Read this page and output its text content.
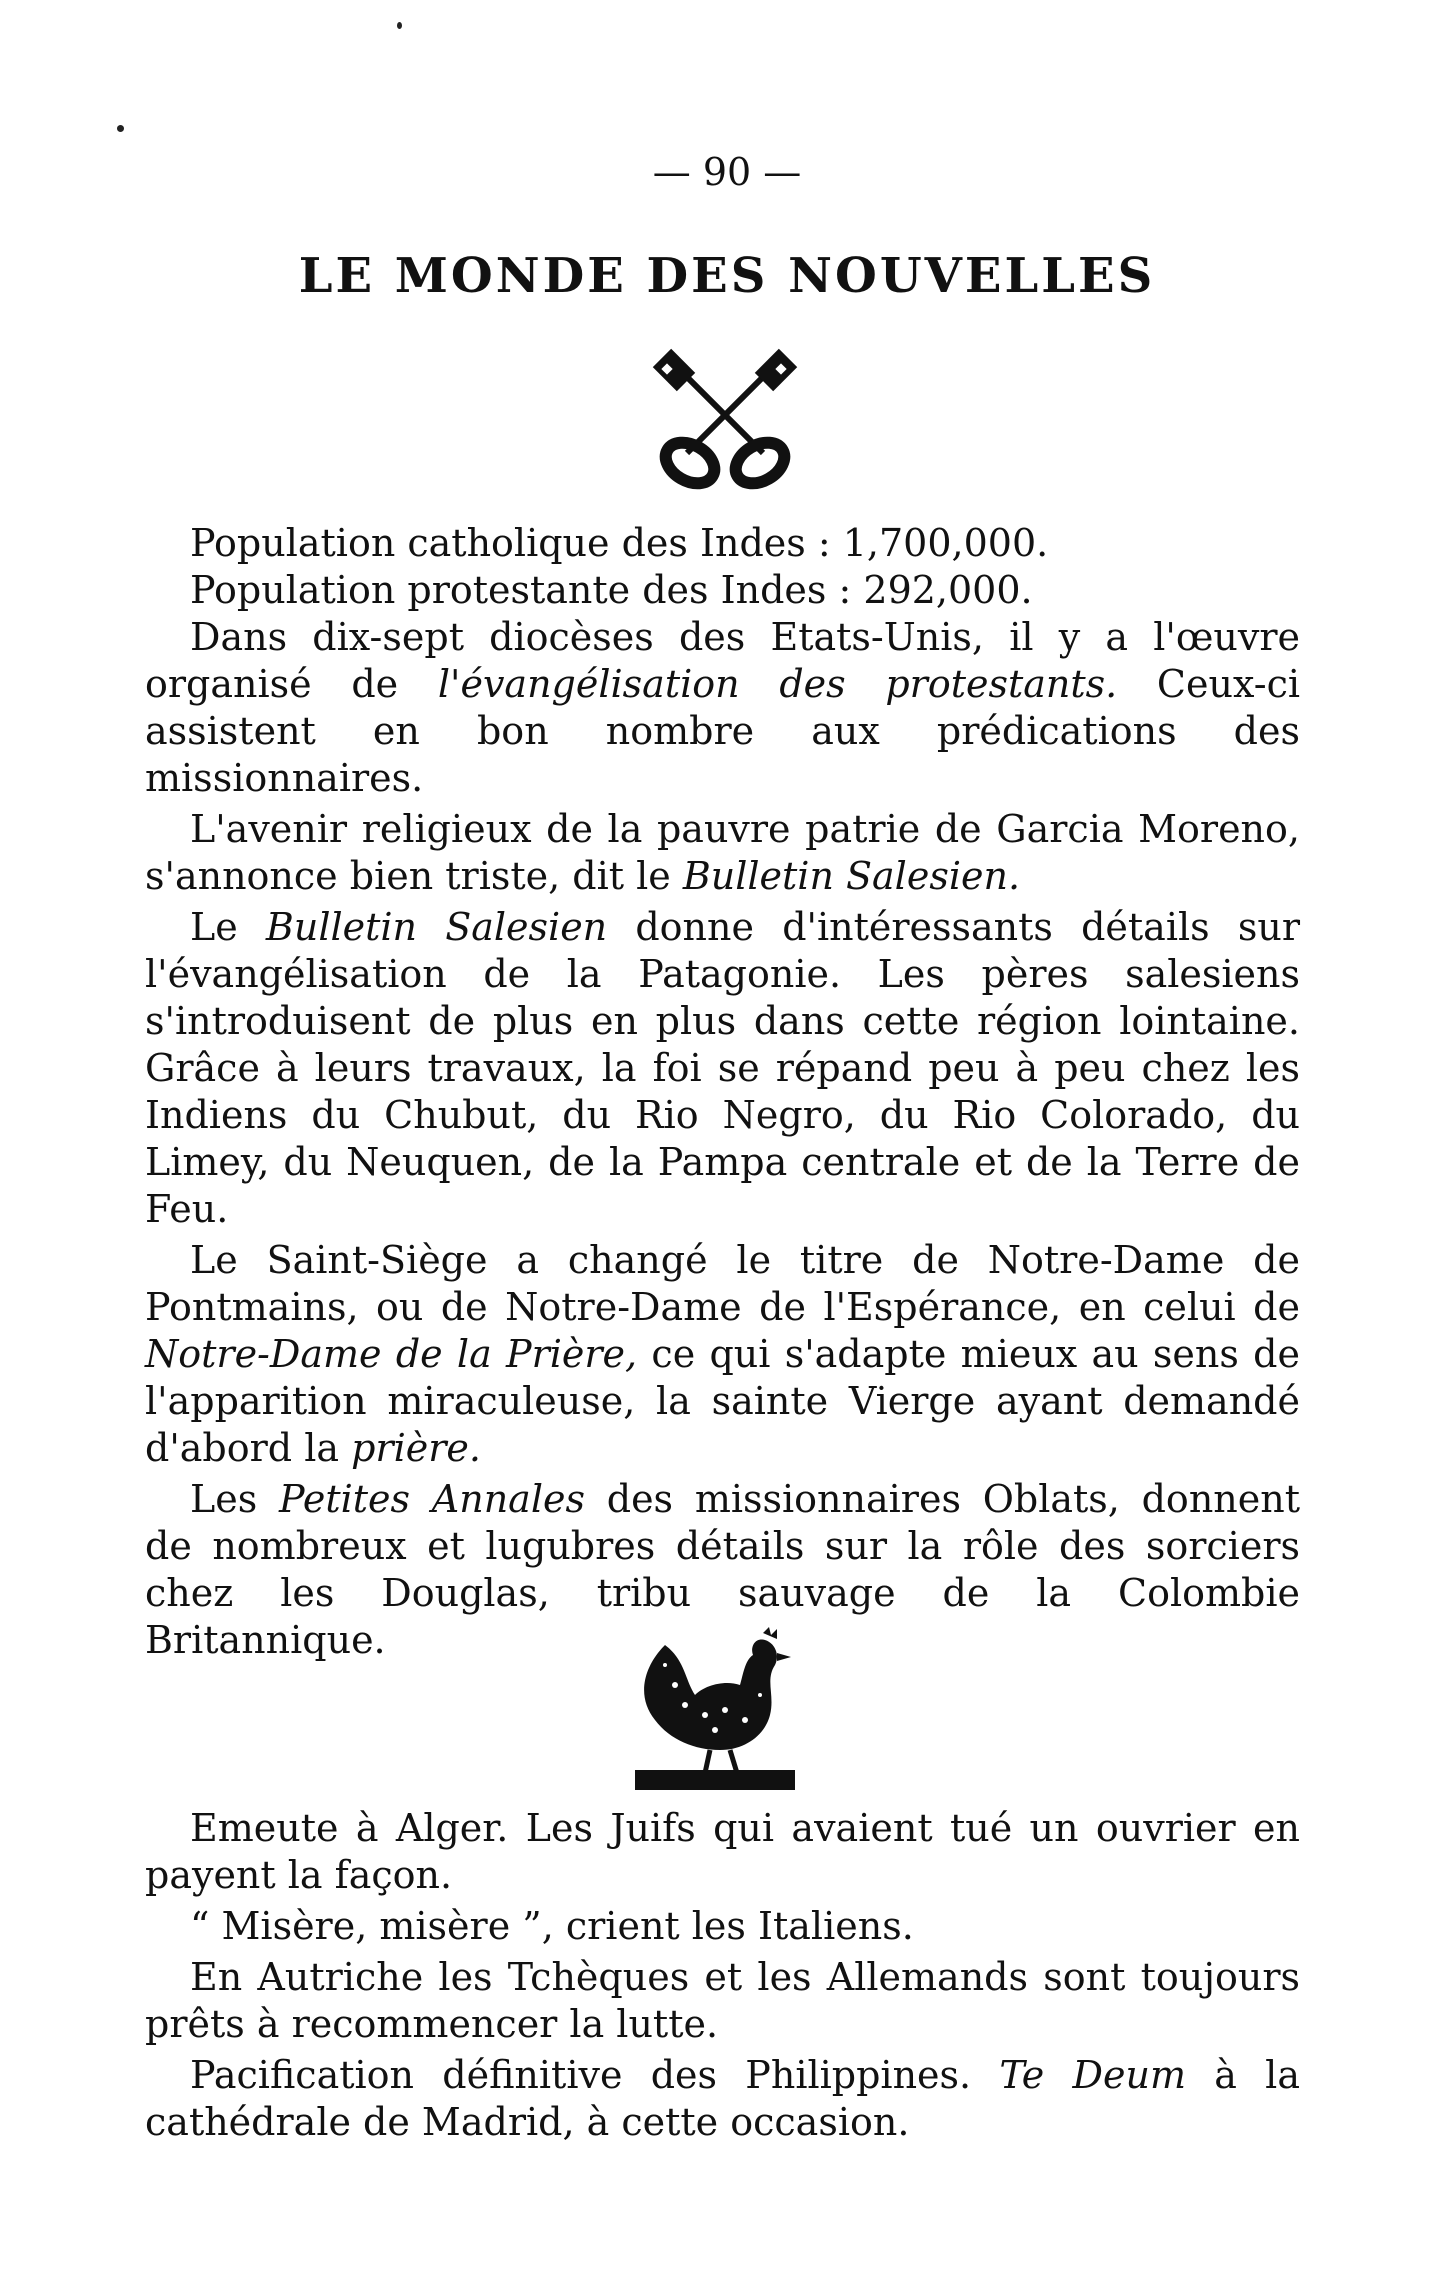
— 90 —
LE MONDE DES NOUVELLES

Population catholique des Indes : 1,700,000.

Population protestante des Indes : 292,000.

Dans dix-sept diocèses des Etats-Unis, il y a l'œuvre organisé de l'évangélisation des protestants. Ceux-ci assistent en bon nombre aux prédications des missionnaires.

L'avenir religieux de la pauvre patrie de Garcia Moreno, s'annonce bien triste, dit le Bulletin Salesien.

Le Bulletin Salesien donne d'intéressants détails sur l'évangélisation de la Patagonie. Les pères salesiens s'introduisent de plus en plus dans cette région lointaine. Grâce à leurs travaux, la foi se répand peu à peu chez les Indiens du Chubut, du Rio Negro, du Rio Colorado, du Limey, du Neuquen, de la Pampa centrale et de la Terre de Feu.

Le Saint-Siège a changé le titre de Notre-Dame de Pontmains, ou de Notre-Dame de l'Espérance, en celui de Notre-Dame de la Prière, ce qui s'adapte mieux au sens de l'apparition miraculeuse, la sainte Vierge ayant demandé d'abord la prière.

Les Petites Annales des missionnaires Oblats, donnent de nombreux et lugubres détails sur la rôle des sorciers chez les Douglas, tribu sauvage de la Colombie Britannique.

Emeute à Alger. Les Juifs qui avaient tué un ouvrier en payent la façon.

“ Misère, misère ”, crient les Italiens.

En Autriche les Tchèques et les Allemands sont toujours prêts à recommencer la lutte.

Pacification définitive des Philippines. Te Deum à la cathédrale de Madrid, à cette occasion.
